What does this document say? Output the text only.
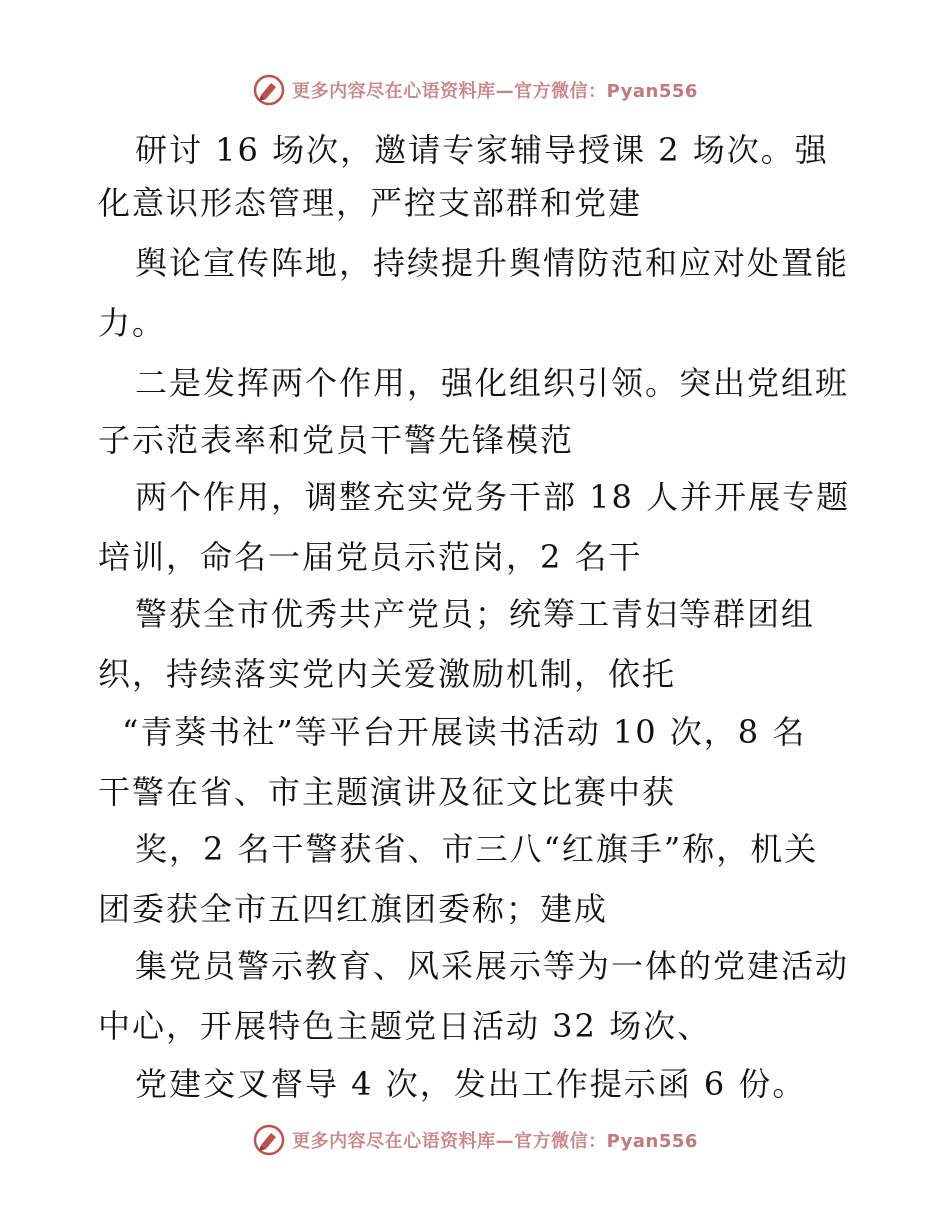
更多内容尽在心语资料库—官方微信：Pyan556
研讨 16 场次，邀请专家辅导授课 2 场次。强
化意识形态管理，严控支部群和党建
舆论宣传阵地，持续提升舆情防范和应对处置能
力。
二是发挥两个作用，强化组织引领。突出党组班
子示范表率和党员干警先锋模范
两个作用，调整充实党务干部 18 人并开展专题
培训，命名一届党员示范岗，2 名干
警获全市优秀共产党员；统筹工青妇等群团组
织，持续落实党内关爱激励机制，依托
“青葵书社”等平台开展读书活动 10 次，8 名
干警在省、市主题演讲及征文比赛中获
奖，2 名干警获省、市三八“红旗手”称，机关
团委获全市五四红旗团委称；建成
集党员警示教育、风采展示等为一体的党建活动
中心，开展特色主题党日活动 32 场次、
党建交叉督导 4 次，发出工作提示函 6 份。
更多内容尽在心语资料库—官方微信：Pyan556
